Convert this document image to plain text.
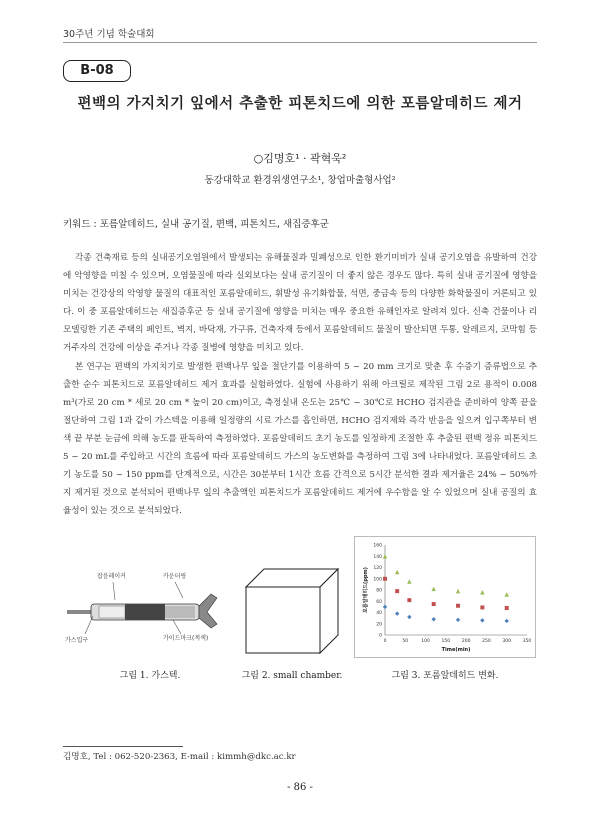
30주년 기념 학술대회
B-08
편백의 가지치기 잎에서 추출한 피톤치드에 의한 포름알데히드 제거
○김명호¹ · 곽혁욱²
동강대학교 환경위생연구소¹, 창업마출형사업²
키워드 : 포름알데히드, 실내 공기질, 편백, 피톤치드, 새집증후군

각종 건축재료 등의 실내공기오염원에서 발생되는 유해물질과 밀폐성으로 인한 환기미비가 실내 공기오염을 유발하여 건강에 악영향을 미칠 수 있으며, 오염물질에 따라 실외보다는 실내 공기질이 더 좋지 않은 경우도 많다. 특히 실내 공기질에 영향을 미치는 건강상의 악영향 물질의 대표적인 포름알데히드, 휘발성 유기화합물, 석면, 중금속 등의 다양한 화학물질이 거론되고 있다. 이 중 포름알데히드는 새집증후군 등 실내 공기질에 영향을 미치는 매우 중요한 유해인자로 알려져 있다. 신축 건물이나 리모델링한 기존 주택의 페인트, 벽지, 바닥재, 가구류, 건축자재 등에서 포름알데히드 물질이 발산되면 두통, 알레르지, 코막힘 등 거주자의 건강에 이상을 주거나 각종 질병에 영향을 미치고 있다.

본 연구는 편백의 가지치기로 발생한 편백나무 잎을 절단기를 이용하여 5 ~ 20 mm 크기로 맞춘 후 수증기 증류법으로 추출한 순수 피톤치드로 포름알데히드 제거 효과를 실험하였다. 실험에 사용하기 위해 아크릴로 제작된 그림 2로 용적이 0.008 m³(가로 20 cm * 세로 20 cm * 높이 20 cm)이고, 측정실내 온도는 25℃ ~ 30℃로 HCHO 검지관을 준비하여 양쪽 끝을 절단하여 그림 1과 같이 가스텍을 이용해 일정량의 시료 가스를 흡인하면, HCHO 검지제와 즉각 반응을 일으켜 입구쪽부터 변색 끝 부분 눈금에 의해 농도를 판독하여 측정하였다. 포름알데히드 초기 농도를 일정하게 조절한 후 추출된 편백 정유 피톤치드 5 ~ 20 mL를 주입하고 시간의 흐름에 따라 포름알데히드 가스의 농도변화를 측정하여 그림 3에 나타내었다. 포름알데히드 초기 농도를 50 ~ 150 ppm를 단계적으로, 시간은 30분부터 1시간 흐름 간격으로 5시간 분석한 결과 제거율은 24% ~ 50%까지 제거된 것으로 분석되어 편백나무 잎의 추출액인 피톤치드가 포름알데히드 제거에 우수함을 알 수 있었으며 실내 공질의 효율성이 있는 것으로 분석되었다.

잡음레이커	카운터링
가스입구	가이드마크(적색)	0
20
40
60
80
100
120
140
160
0	50	100	150	200	250	300	350
Time(min)
포름알데히드(ppm)
그림 1. 가스텍.	그림 2. small chamber.	그림 3. 포름알데히드 변화.
김명호, Tel : 062-520-2363, E-mail : kimmh@dkc.ac.kr
- 86 -
